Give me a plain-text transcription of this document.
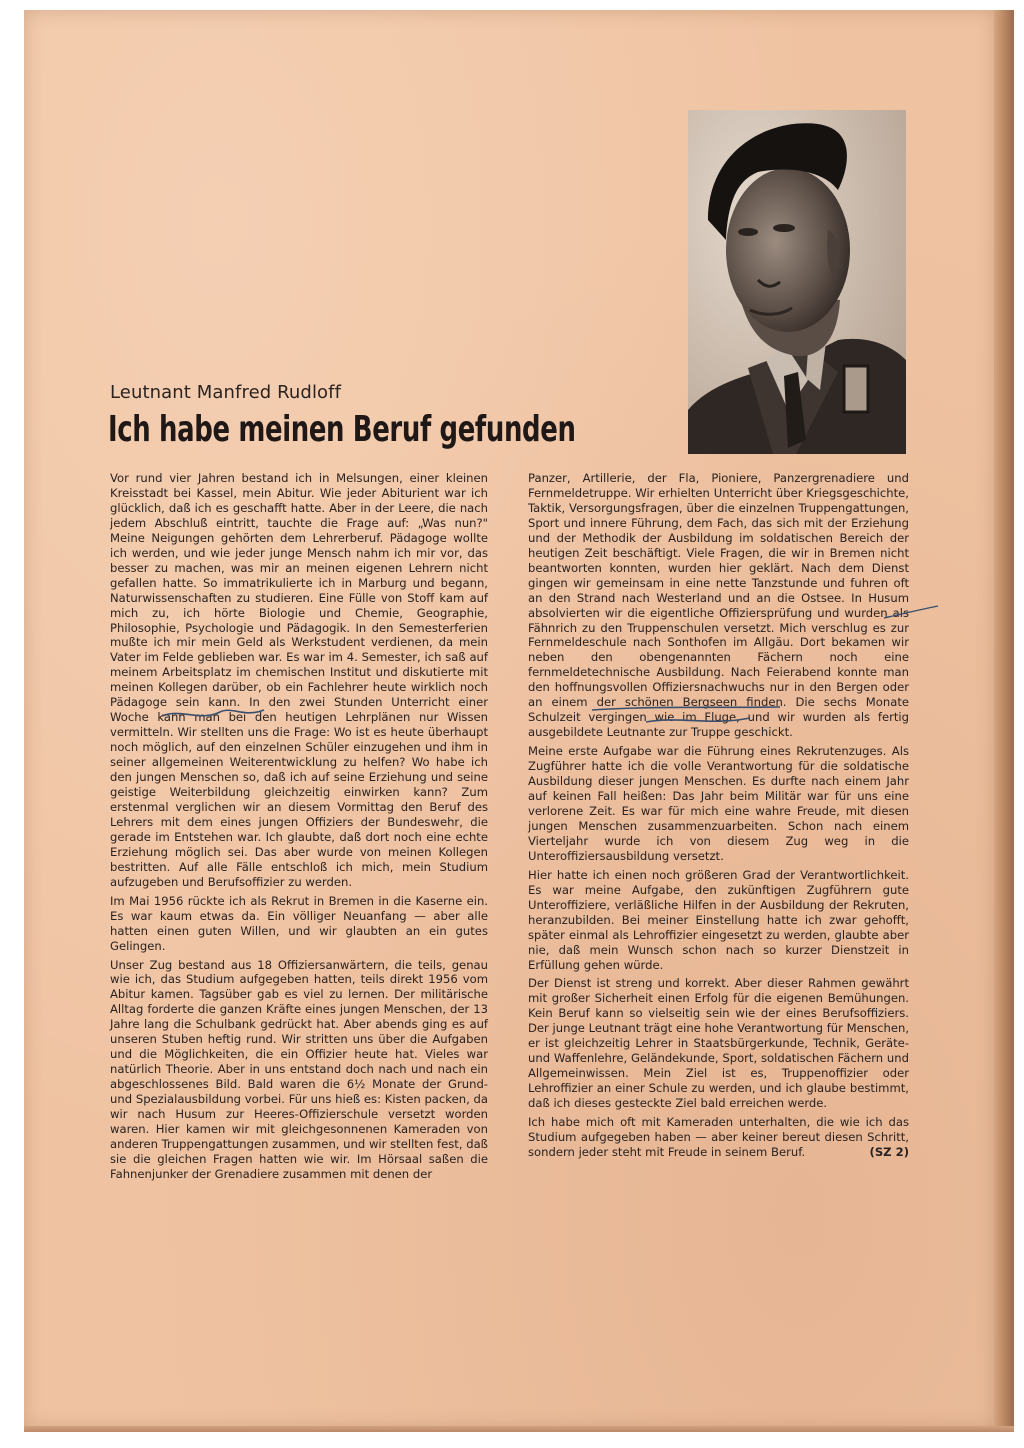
Leutnant Manfred Rudloff

Ich habe meinen Beruf gefunden

Vor rund vier Jahren bestand ich in Melsungen, einer kleinen Kreisstadt bei Kassel, mein Abitur. Wie jeder Abiturient war ich glücklich, daß ich es geschafft hatte. Aber in der Leere, die nach jedem Abschluß eintritt, tauchte die Frage auf: „Was nun?" Meine Neigungen gehörten dem Lehrerberuf. Pädagoge wollte ich werden, und wie jeder junge Mensch nahm ich mir vor, das besser zu machen, was mir an meinen eigenen Lehrern nicht gefallen hatte. So immatrikulierte ich in Marburg und begann, Naturwissenschaften zu studieren. Eine Fülle von Stoff kam auf mich zu, ich hörte Biologie und Chemie, Geographie, Philosophie, Psychologie und Pädagogik. In den Semesterferien mußte ich mir mein Geld als Werkstudent verdienen, da mein Vater im Felde geblieben war. Es war im 4. Semester, ich saß auf meinem Arbeitsplatz im chemischen Institut und diskutierte mit meinen Kollegen darüber, ob ein Fachlehrer heute wirklich noch Pädagoge sein kann. In den zwei Stunden Unterricht einer Woche kann man bei den heutigen Lehrplänen nur Wissen vermitteln. Wir stellten uns die Frage: Wo ist es heute überhaupt noch möglich, auf den einzelnen Schüler einzugehen und ihm in seiner allgemeinen Weiterentwicklung zu helfen? Wo habe ich den jungen Menschen so, daß ich auf seine Erziehung und seine geistige Weiterbildung gleichzeitig einwirken kann? Zum erstenmal verglichen wir an diesem Vormittag den Beruf des Lehrers mit dem eines jungen Offiziers der Bundeswehr, die gerade im Entstehen war. Ich glaubte, daß dort noch eine echte Erziehung möglich sei. Das aber wurde von meinen Kollegen bestritten. Auf alle Fälle entschloß ich mich, mein Studium aufzugeben und Berufsoffizier zu werden.

Im Mai 1956 rückte ich als Rekrut in Bremen in die Kaserne ein. Es war kaum etwas da. Ein völliger Neuanfang — aber alle hatten einen guten Willen, und wir glaubten an ein gutes Gelingen.

Unser Zug bestand aus 18 Offiziersanwärtern, die teils, genau wie ich, das Studium aufgegeben hatten, teils direkt 1956 vom Abitur kamen. Tagsüber gab es viel zu lernen. Der militärische Alltag forderte die ganzen Kräfte eines jungen Menschen, der 13 Jahre lang die Schulbank gedrückt hat. Aber abends ging es auf unseren Stuben heftig rund. Wir stritten uns über die Aufgaben und die Möglichkeiten, die ein Offizier heute hat. Vieles war natürlich Theorie. Aber in uns entstand doch nach und nach ein abgeschlossenes Bild. Bald waren die 6½ Monate der Grund- und Spezialausbildung vorbei. Für uns hieß es: Kisten packen, da wir nach Husum zur Heeres-Offizierschule versetzt worden waren. Hier kamen wir mit gleichgesonnenen Kameraden von anderen Truppengattungen zusammen, und wir stellten fest, daß sie die gleichen Fragen hatten wie wir. Im Hörsaal saßen die Fahnenjunker der Grenadiere zusammen mit denen der

Panzer, Artillerie, der Fla, Pioniere, Panzergrenadiere und Fernmeldetruppe. Wir erhielten Unterricht über Kriegsgeschichte, Taktik, Versorgungsfragen, über die einzelnen Truppengattungen, Sport und innere Führung, dem Fach, das sich mit der Erziehung und der Methodik der Ausbildung im soldatischen Bereich der heutigen Zeit beschäftigt. Viele Fragen, die wir in Bremen nicht beantworten konnten, wurden hier geklärt. Nach dem Dienst gingen wir gemeinsam in eine nette Tanzstunde und fuhren oft an den Strand nach Westerland und an die Ostsee. In Husum absolvierten wir die eigentliche Offiziersprüfung und wurden als Fähnrich zu den Truppenschulen versetzt. Mich verschlug es zur Fernmeldeschule nach Sonthofen im Allgäu. Dort bekamen wir neben den obengenannten Fächern noch eine fernmeldetechnische Ausbildung. Nach Feierabend konnte man den hoffnungsvollen Offiziersnachwuchs nur in den Bergen oder an einem der schönen Bergseen finden. Die sechs Monate Schulzeit vergingen wie im Fluge, und wir wurden als fertig ausgebildete Leutnante zur Truppe geschickt.

Meine erste Aufgabe war die Führung eines Rekrutenzuges. Als Zugführer hatte ich die volle Verantwortung für die soldatische Ausbildung dieser jungen Menschen. Es durfte nach einem Jahr auf keinen Fall heißen: Das Jahr beim Militär war für uns eine verlorene Zeit. Es war für mich eine wahre Freude, mit diesen jungen Menschen zusammenzuarbeiten. Schon nach einem Vierteljahr wurde ich von diesem Zug weg in die Unteroffiziersausbildung versetzt.

Hier hatte ich einen noch größeren Grad der Verantwortlichkeit. Es war meine Aufgabe, den zukünftigen Zugführern gute Unteroffiziere, verläßliche Hilfen in der Ausbildung der Rekruten, heranzubilden. Bei meiner Einstellung hatte ich zwar gehofft, später einmal als Lehroffizier eingesetzt zu werden, glaubte aber nie, daß mein Wunsch schon nach so kurzer Dienstzeit in Erfüllung gehen würde.

Der Dienst ist streng und korrekt. Aber dieser Rahmen gewährt mit großer Sicherheit einen Erfolg für die eigenen Bemühungen. Kein Beruf kann so vielseitig sein wie der eines Berufsoffiziers. Der junge Leutnant trägt eine hohe Verantwortung für Menschen, er ist gleichzeitig Lehrer in Staatsbürgerkunde, Technik, Geräte- und Waffenlehre, Geländekunde, Sport, soldatischen Fächern und Allgemeinwissen. Mein Ziel ist es, Truppenoffizier oder Lehroffizier an einer Schule zu werden, und ich glaube bestimmt, daß ich dieses gesteckte Ziel bald erreichen werde.

Ich habe mich oft mit Kameraden unterhalten, die wie ich das Studium aufgegeben haben — aber keiner bereut diesen Schritt, sondern jeder steht mit Freude in seinem Beruf.	(SZ 2)
